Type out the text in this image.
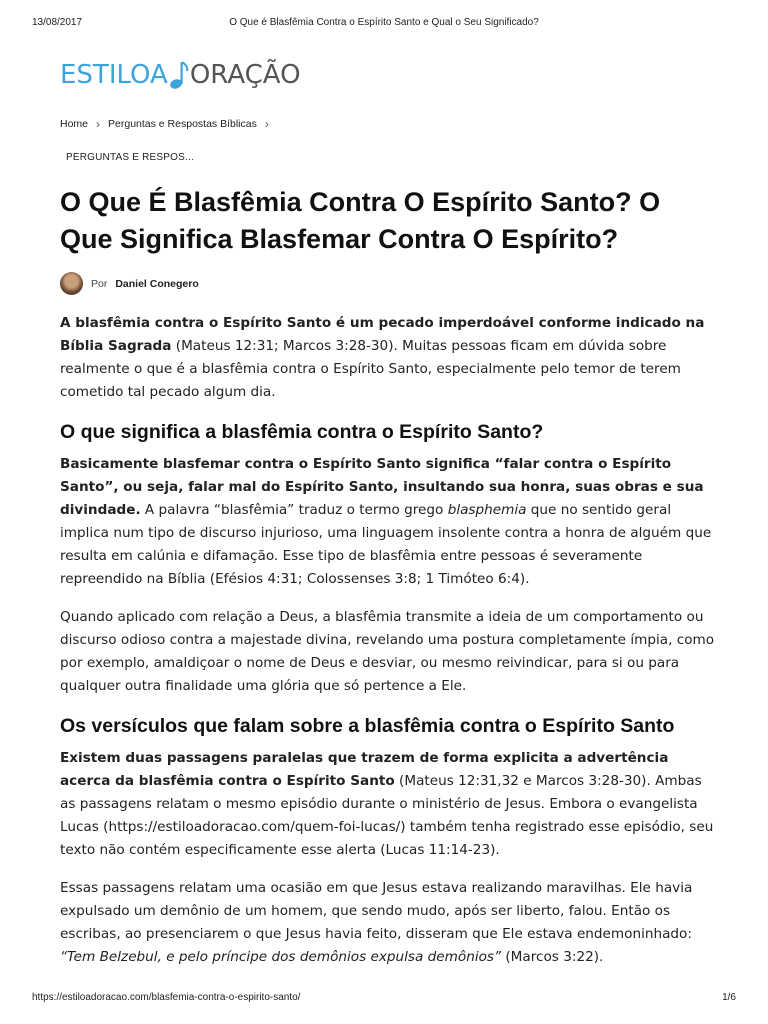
13/08/2017	O Que é Blasfêmia Contra o Espírito Santo e Qual o Seu Significado?
ESTILOA ORAÇÃO
Home › Perguntas e Respostas Bíblicas ›
PERGUNTAS E RESPOS...
O Que É Blasfêmia Contra O Espírito Santo? O Que Significa Blasfemar Contra O Espírito?
Por Daniel Conegero

A blasfêmia contra o Espírito Santo é um pecado imperdoável conforme indicado na Bíblia Sagrada (Mateus 12:31; Marcos 3:28-30). Muitas pessoas ficam em dúvida sobre realmente o que é a blasfêmia contra o Espírito Santo, especialmente pelo temor de terem cometido tal pecado algum dia.

O que significa a blasfêmia contra o Espírito Santo?

Basicamente blasfemar contra o Espírito Santo significa “falar contra o Espírito Santo”, ou seja, falar mal do Espírito Santo, insultando sua honra, suas obras e sua divindade. A palavra “blasfêmia” traduz o termo grego blasphemia que no sentido geral implica num tipo de discurso injurioso, uma linguagem insolente contra a honra de alguém que resulta em calúnia e difamação. Esse tipo de blasfêmia entre pessoas é severamente repreendido na Bíblia (Efésios 4:31; Colossenses 3:8; 1 Timóteo 6:4).

Quando aplicado com relação a Deus, a blasfêmia transmite a ideia de um comportamento ou discurso odioso contra a majestade divina, revelando uma postura completamente ímpia, como por exemplo, amaldiçoar o nome de Deus e desviar, ou mesmo reivindicar, para si ou para qualquer outra finalidade uma glória que só pertence a Ele.

Os versículos que falam sobre a blasfêmia contra o Espírito Santo

Existem duas passagens paralelas que trazem de forma explicita a advertência acerca da blasfêmia contra o Espírito Santo (Mateus 12:31,32 e Marcos 3:28-30). Ambas as passagens relatam o mesmo episódio durante o ministério de Jesus. Embora o evangelista Lucas (https://estiloadoracao.com/quem-foi-lucas/) também tenha registrado esse episódio, seu texto não contém especificamente esse alerta (Lucas 11:14-23).

Essas passagens relatam uma ocasião em que Jesus estava realizando maravilhas. Ele havia expulsado um demônio de um homem, que sendo mudo, após ser liberto, falou. Então os escribas, ao presenciarem o que Jesus havia feito, disseram que Ele estava endemoninhado: “Tem Belzebul, e pelo príncipe dos demônios expulsa demônios” (Marcos 3:22).

https://estiloadoracao.com/blasfemia-contra-o-espirito-santo/	1/6
